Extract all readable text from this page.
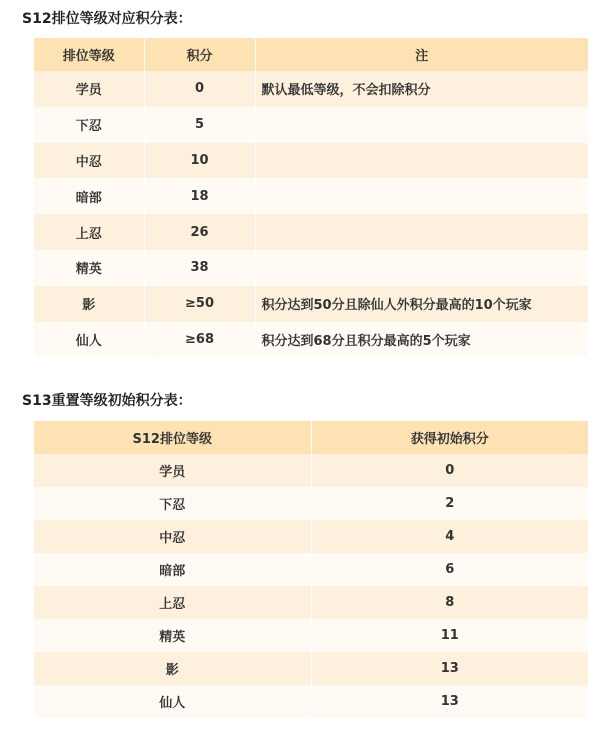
S12排位等级对应积分表：

排位等级	积分	注
学员	0	默认最低等级，不会扣除积分
下忍	5	
中忍	10	
暗部	18	
上忍	26	
精英	38	
影	≥50	积分达到50分且除仙人外积分最高的10个玩家
仙人	≥68	积分达到68分且积分最高的5个玩家

S13重置等级初始积分表：

S12排位等级	获得初始积分
学员	0
下忍	2
中忍	4
暗部	6
上忍	8
精英	11
影	13
仙人	13
